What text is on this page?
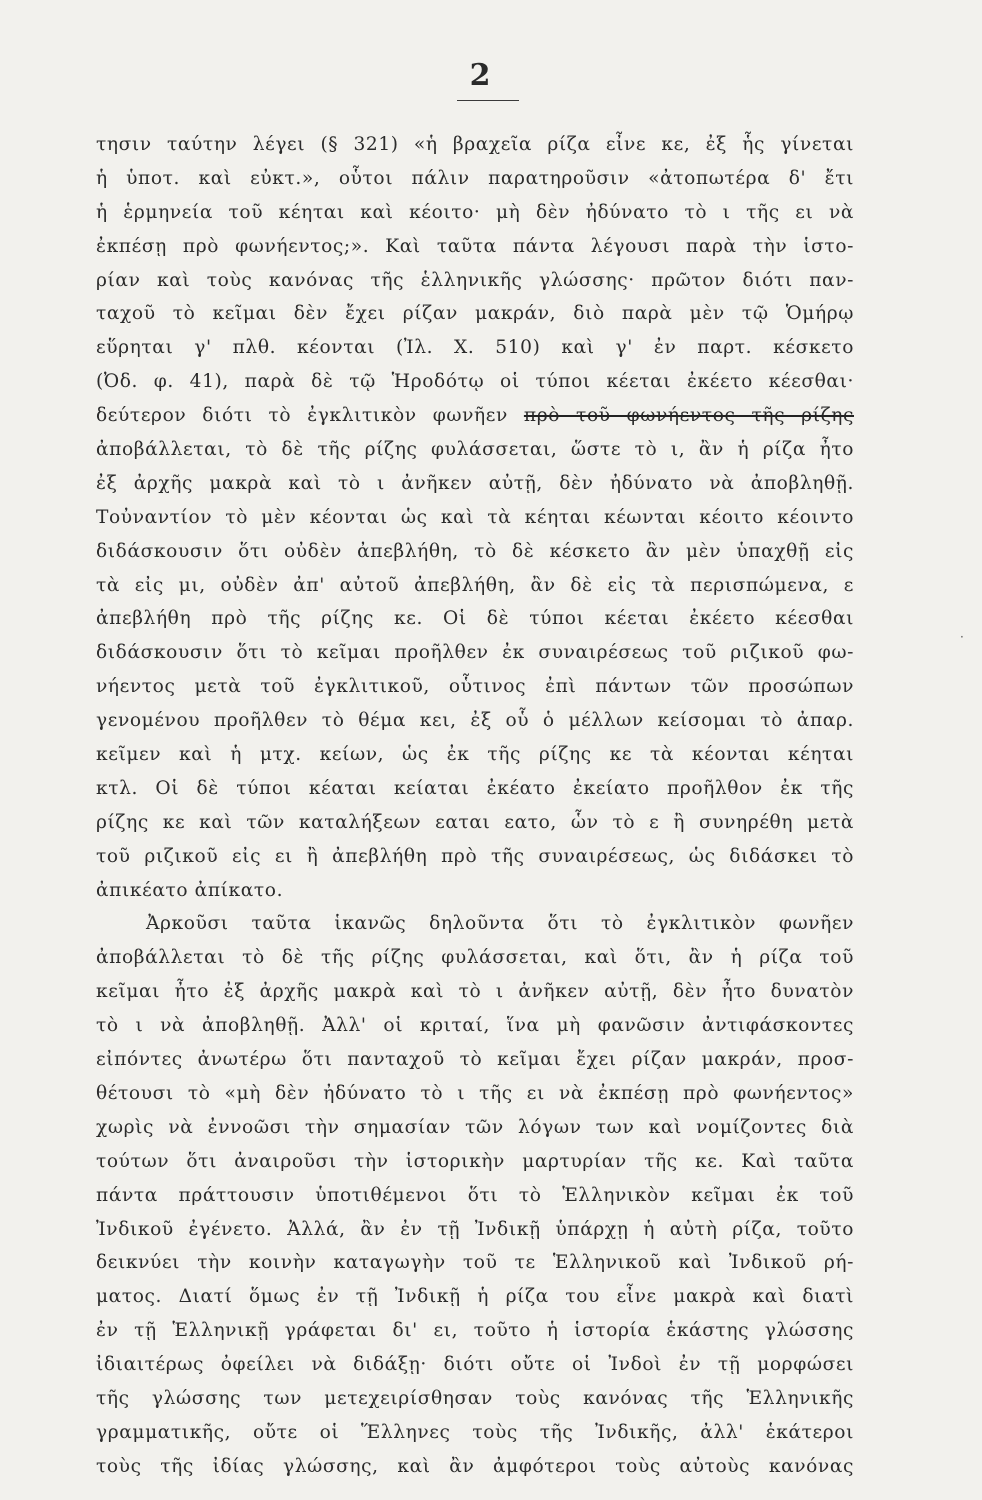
2
τησιν ταύτην λέγει (§ 321) «ἡ βραχεῖα ρίζα εἶνε κε, ἐξ ἧς γίνεται
ἡ ὑποτ. καὶ εὐκτ.», οὗτοι πάλιν παρατηροῦσιν «ἀτοπωτέρα δ' ἔτι
ἡ ἑρμηνεία τοῦ κέηται καὶ κέοιτο· μὴ δὲν ἠδύνατο τὸ ι τῆς ει νὰ
ἐκπέσῃ πρὸ φωνήεντος;». Καὶ ταῦτα πάντα λέγουσι παρὰ τὴν ἱστο-
ρίαν καὶ τοὺς κανόνας τῆς ἑλληνικῆς γλώσσης· πρῶτον διότι παν-
ταχοῦ τὸ κεῖμαι δὲν ἔχει ρίζαν μακράν, διὸ παρὰ μὲν τῷ Ὁμήρῳ
εὕρηται γ' πλθ. κέονται (Ἰλ. Χ. 510) καὶ γ' ἐν παρτ. κέσκετο
(Ὀδ. φ. 41), παρὰ δὲ τῷ Ἡροδότῳ οἱ τύποι κέεται ἐκέετο κέεσθαι·
δεύτερον διότι τὸ ἐγκλιτικὸν φωνῆεν πρὸ τοῦ φωνήεντος τῆς ρίζης
ἀποβάλλεται, τὸ δὲ τῆς ρίζης φυλάσσεται, ὥστε τὸ ι, ἂν ἡ ρίζα ἦτο
ἐξ ἀρχῆς μακρὰ καὶ τὸ ι ἀνῆκεν αὐτῇ, δὲν ἠδύνατο νὰ ἀποβληθῇ.
Τοὐναντίον τὸ μὲν κέονται ὡς καὶ τὰ κέηται κέωνται κέοιτο κέοιντο
διδάσκουσιν ὅτι οὐδὲν ἀπεβλήθη, τὸ δὲ κέσκετο ἂν μὲν ὑπαχθῇ εἰς
τὰ εἰς μι, οὐδὲν ἀπ' αὐτοῦ ἀπεβλήθη, ἂν δὲ εἰς τὰ περισπώμενα, ε
ἀπεβλήθη πρὸ τῆς ρίζης κε. Οἱ δὲ τύποι κέεται ἐκέετο κέεσθαι
διδάσκουσιν ὅτι τὸ κεῖμαι προῆλθεν ἐκ συναιρέσεως τοῦ ριζικοῦ φω-
νήεντος μετὰ τοῦ ἐγκλιτικοῦ, οὗτινος ἐπὶ πάντων τῶν προσώπων
γενομένου προῆλθεν τὸ θέμα κει, ἐξ οὗ ὁ μέλλων κείσομαι τὸ ἀπαρ.
κεῖμεν καὶ ἡ μτχ. κείων, ὡς ἐκ τῆς ρίζης κε τὰ κέονται κέηται
κτλ. Οἱ δὲ τύποι κέαται κείαται ἐκέατο ἐκείατο προῆλθον ἐκ τῆς
ρίζης κε καὶ τῶν καταλήξεων εαται εατο, ὧν τὸ ε ἢ συνηρέθη μετὰ
τοῦ ριζικοῦ εἰς ει ἢ ἀπεβλήθη πρὸ τῆς συναιρέσεως, ὡς διδάσκει τὸ
ἀπικέατο ἀπίκατο.
Ἀρκοῦσι ταῦτα ἱκανῶς δηλοῦντα ὅτι τὸ ἐγκλιτικὸν φωνῆεν
ἀποβάλλεται τὸ δὲ τῆς ρίζης φυλάσσεται, καὶ ὅτι, ἂν ἡ ρίζα τοῦ
κεῖμαι ἦτο ἐξ ἀρχῆς μακρὰ καὶ τὸ ι ἀνῆκεν αὐτῇ, δὲν ἦτο δυνατὸν
τὸ ι νὰ ἀποβληθῇ. Ἀλλ' οἱ κριταί, ἵνα μὴ φανῶσιν ἀντιφάσκοντες
εἰπόντες ἀνωτέρω ὅτι πανταχοῦ τὸ κεῖμαι ἔχει ρίζαν μακράν, προσ-
θέτουσι τὸ «μὴ δὲν ἠδύνατο τὸ ι τῆς ει νὰ ἐκπέσῃ πρὸ φωνήεντος»
χωρὶς νὰ ἐννοῶσι τὴν σημασίαν τῶν λόγων των καὶ νομίζοντες διὰ
τούτων ὅτι ἀναιροῦσι τὴν ἱστορικὴν μαρτυρίαν τῆς κε. Καὶ ταῦτα
πάντα πράττουσιν ὑποτιθέμενοι ὅτι τὸ Ἑλληνικὸν κεῖμαι ἐκ τοῦ
Ἰνδικοῦ ἐγένετο. Ἀλλά, ἂν ἐν τῇ Ἰνδικῇ ὑπάρχῃ ἡ αὐτὴ ρίζα, τοῦτο
δεικνύει τὴν κοινὴν καταγωγὴν τοῦ τε Ἑλληνικοῦ καὶ Ἰνδικοῦ ρή-
ματος. Διατί ὅμως ἐν τῇ Ἰνδικῇ ἡ ρίζα του εἶνε μακρὰ καὶ διατὶ
ἐν τῇ Ἑλληνικῇ γράφεται δι' ει, τοῦτο ἡ ἱστορία ἑκάστης γλώσσης
ἰδιαιτέρως ὀφείλει νὰ διδάξῃ· διότι οὔτε οἱ Ἰνδοὶ ἐν τῇ μορφώσει
τῆς γλώσσης των μετεχειρίσθησαν τοὺς κανόνας τῆς Ἑλληνικῆς
γραμματικῆς, οὔτε οἱ Ἕλληνες τοὺς τῆς Ἰνδικῆς, ἀλλ' ἑκάτεροι
τοὺς τῆς ἰδίας γλώσσης, καὶ ἂν ἀμφότεροι τοὺς αὐτοὺς κανόνας
·
